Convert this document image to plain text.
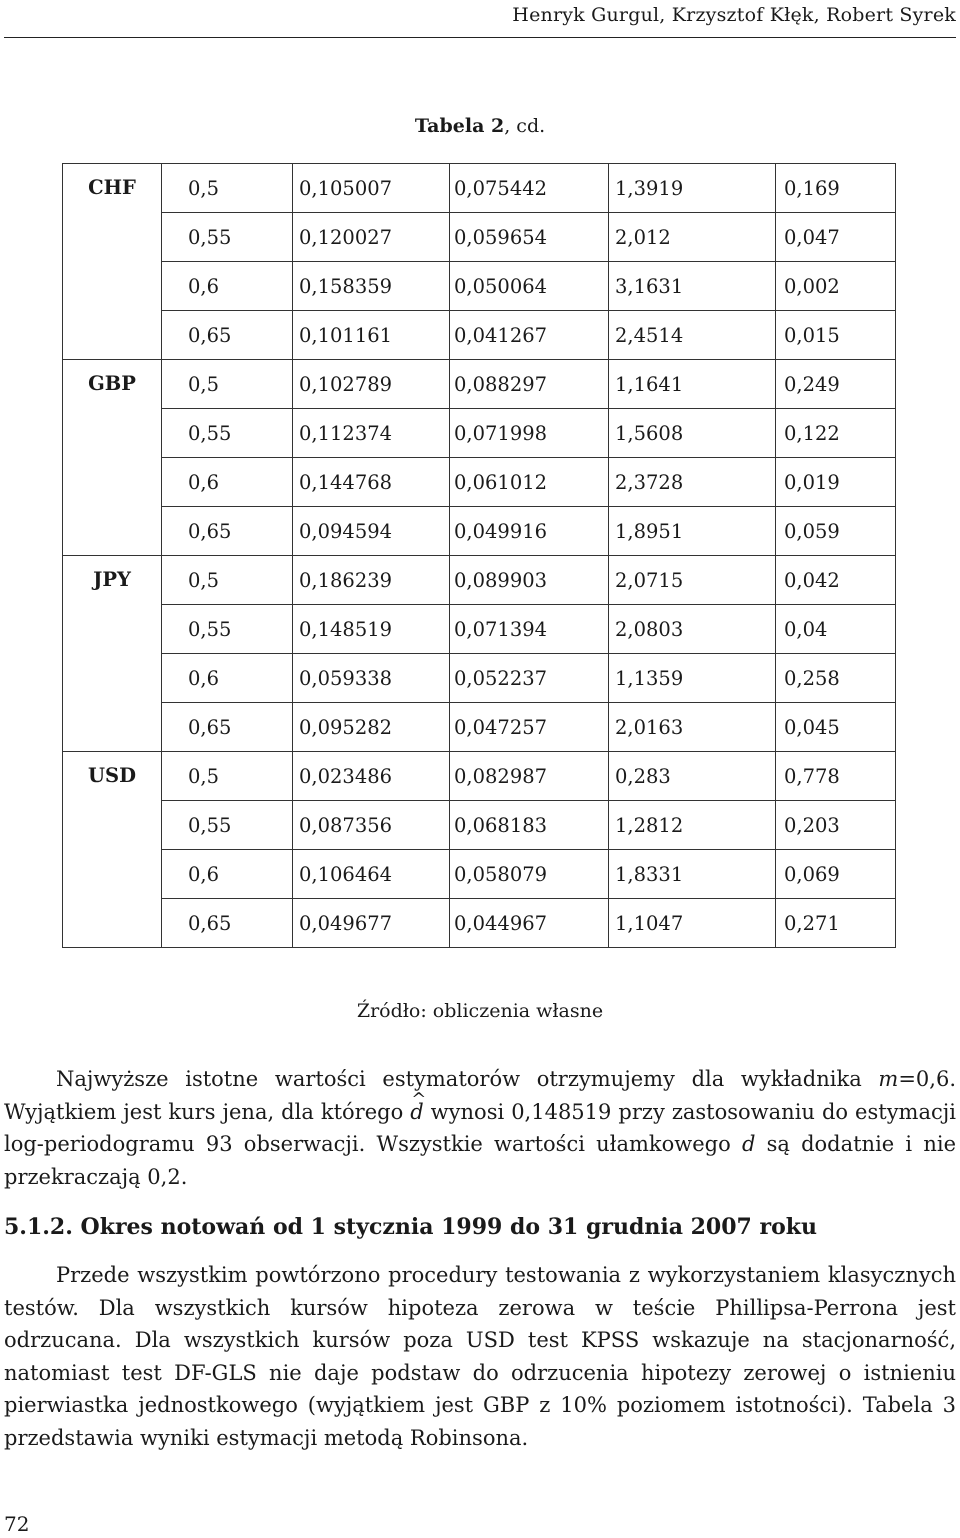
Henryk Gurgul, Krzysztof Kłęk, Robert Syrek
Tabela 2, cd.
CHF	0,5	0,105007	0,075442	1,3919	0,169
	0,55	0,120027	0,059654	2,012	0,047
	0,6	0,158359	0,050064	3,1631	0,002
	0,65	0,101161	0,041267	2,4514	0,015
GBP	0,5	0,102789	0,088297	1,1641	0,249
	0,55	0,112374	0,071998	1,5608	0,122
	0,6	0,144768	0,061012	2,3728	0,019
	0,65	0,094594	0,049916	1,8951	0,059
JPY	0,5	0,186239	0,089903	2,0715	0,042
	0,55	0,148519	0,071394	2,0803	0,04
	0,6	0,059338	0,052237	1,1359	0,258
	0,65	0,095282	0,047257	2,0163	0,045
USD	0,5	0,023486	0,082987	0,283	0,778
	0,55	0,087356	0,068183	1,2812	0,203
	0,6	0,106464	0,058079	1,8331	0,069
	0,65	0,049677	0,044967	1,1047	0,271
Źródło: obliczenia własne
Najwyższe istotne wartości estymatorów otrzymujemy dla wykładnika m=0,6. Wyjątkiem jest kurs jena, dla którego d ^ wynosi 0,148519 przy zastosowaniu do estymacji log-periodogramu 93 obserwacji. Wszystkie wartości ułamkowego d są dodatnie i nie przekraczają 0,2.
5.1.2. Okres notowań od 1 stycznia 1999 do 31 grudnia 2007 roku
Przede wszystkim powtórzono procedury testowania z wykorzystaniem klasycznych testów. Dla wszystkich kursów hipoteza zerowa w teście Phillipsa-Perrona jest odrzucana. Dla wszystkich kursów poza USD test KPSS wskazuje na stacjonarność, natomiast test DF-GLS nie daje podstaw do odrzucenia hipotezy zerowej o istnieniu pierwiastka jednostkowego (wyjątkiem jest GBP z 10% poziomem istotności). Tabela 3 przedstawia wyniki estymacji metodą Robinsona.
72
